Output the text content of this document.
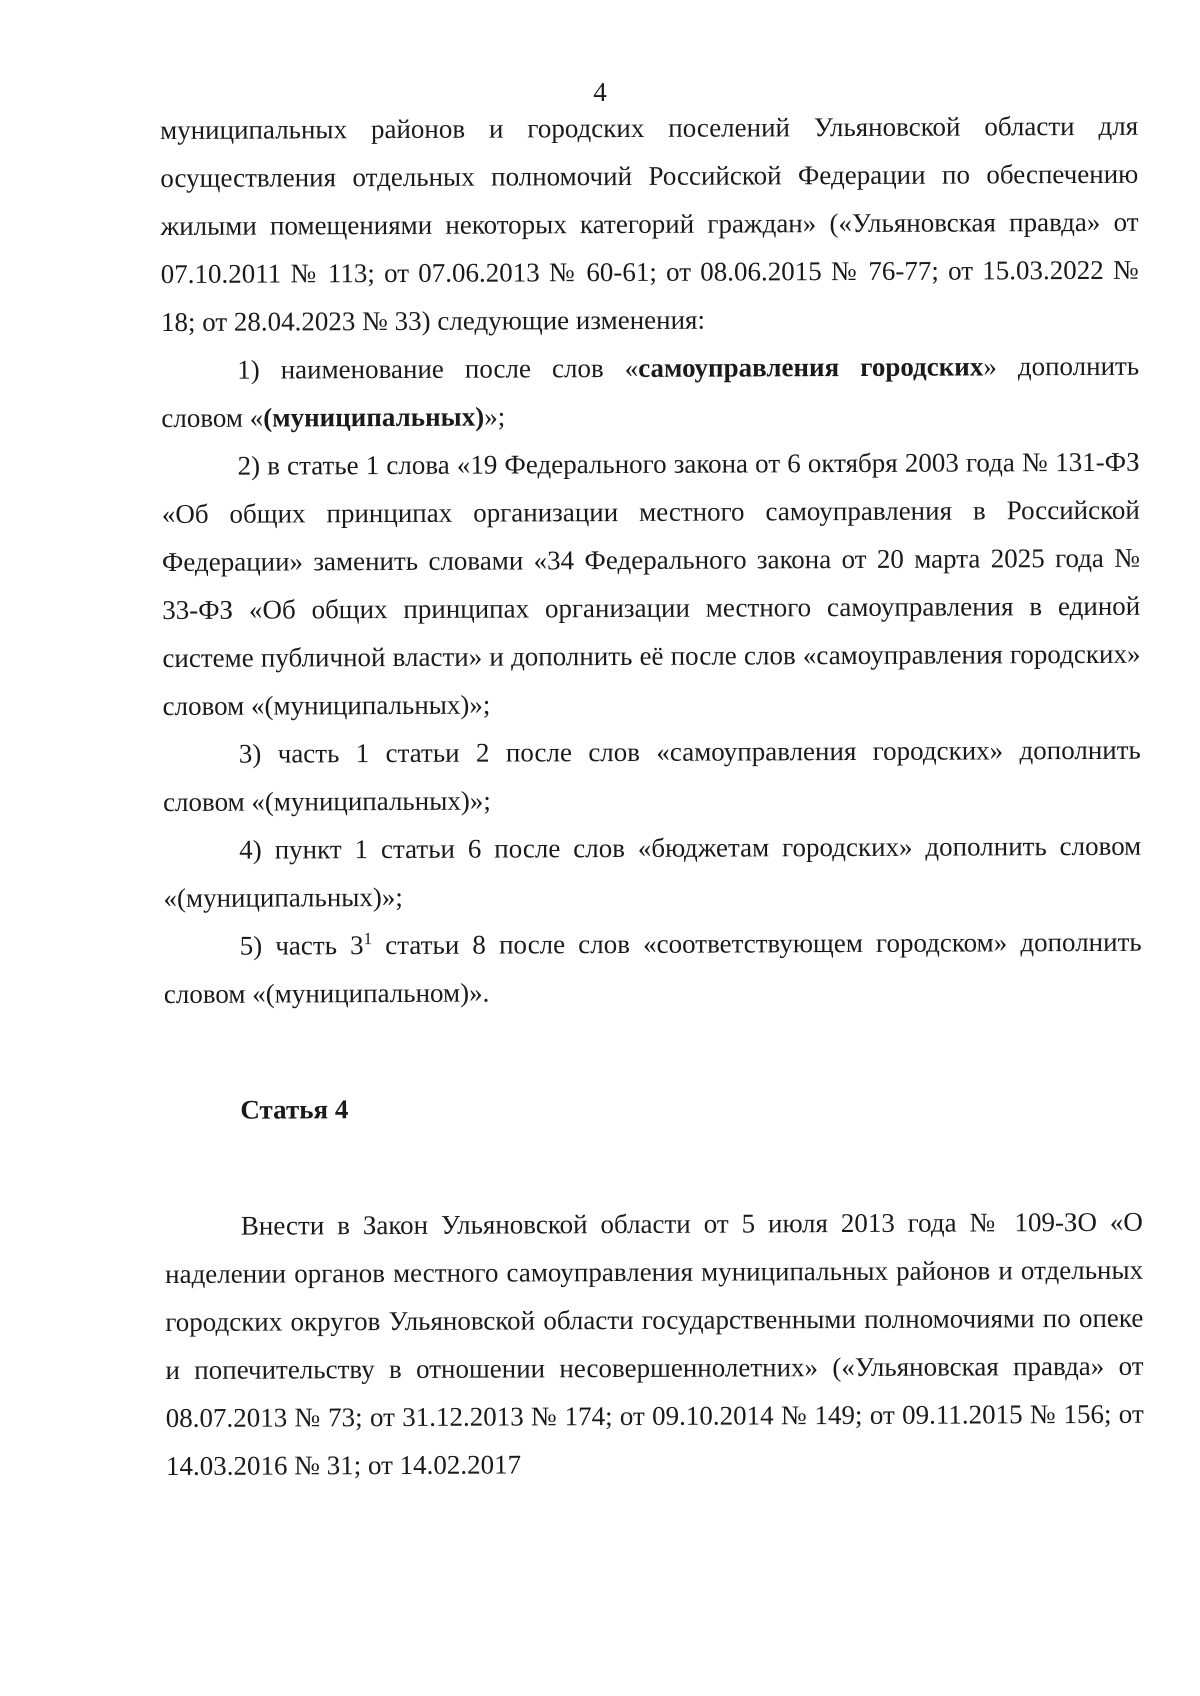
4

муниципальных районов и городских поселений Ульяновской области для осуществления отдельных полномочий Российской Федерации по обеспечению жилыми помещениями некоторых категорий граждан» («Ульяновская правда» от 07.10.2011 № 113; от 07.06.2013 № 60-61; от 08.06.2015 № 76-77; от 15.03.2022 № 18; от 28.04.2023 № 33) следующие изменения:

1) наименование после слов «самоуправления городских» дополнить словом «(муниципальных)»;

2) в статье 1 слова «19 Федерального закона от 6 октября 2003 года № 131-ФЗ «Об общих принципах организации местного самоуправления в Российской Федерации» заменить словами «34 Федерального закона от 20 марта 2025 года № 33-ФЗ «Об общих принципах организации местного самоуправления в единой системе публичной власти» и дополнить её после слов «самоуправления городских» словом «(муниципальных)»;

3) часть 1 статьи 2 после слов «самоуправления городских» дополнить словом «(муниципальных)»;

4) пункт 1 статьи 6 после слов «бюджетам городских» дополнить словом «(муниципальных)»;

5) часть $3^1$ статьи 8 после слов «соответствующем городском» дополнить словом «(муниципальном)».

Статья 4

Внести в Закон Ульяновской области от 5 июля 2013 года № 109-ЗО «О наделении органов местного самоуправления муниципальных районов и отдельных городских округов Ульяновской области государственными полномочиями по опеке и попечительству в отношении несовершеннолетних» («Ульяновская правда» от 08.07.2013 № 73; от 31.12.2013 № 174; от 09.10.2014 № 149; от 09.11.2015 № 156; от 14.03.2016 № 31; от 14.02.2017
